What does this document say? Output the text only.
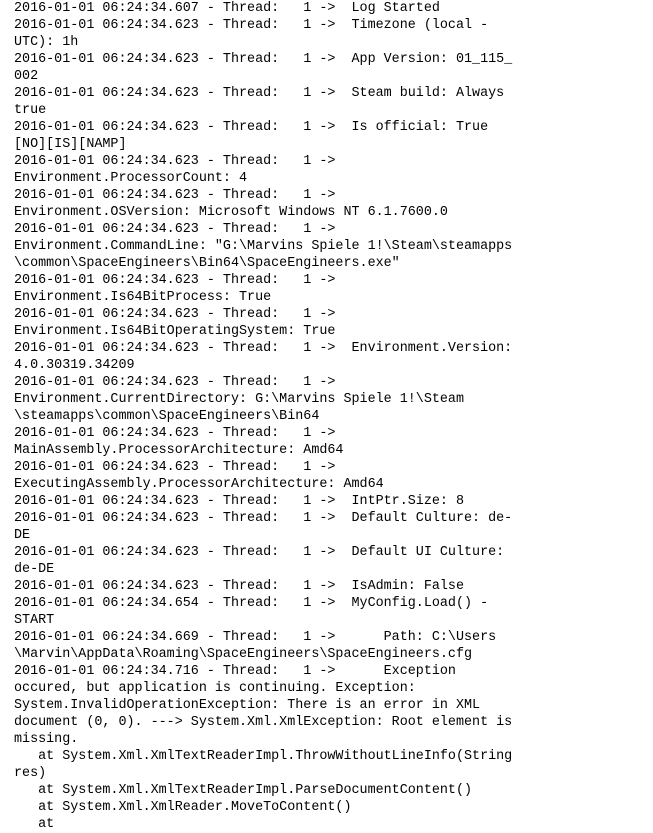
2016-01-01 06:24:34.607 - Thread:   1 ->  Log Started
2016-01-01 06:24:34.623 - Thread:   1 ->  Timezone (local -
UTC): 1h
2016-01-01 06:24:34.623 - Thread:   1 ->  App Version: 01_115_
002
2016-01-01 06:24:34.623 - Thread:   1 ->  Steam build: Always
true
2016-01-01 06:24:34.623 - Thread:   1 ->  Is official: True
[NO][IS][NAMP]
2016-01-01 06:24:34.623 - Thread:   1 ->
Environment.ProcessorCount: 4
2016-01-01 06:24:34.623 - Thread:   1 ->
Environment.OSVersion: Microsoft Windows NT 6.1.7600.0
2016-01-01 06:24:34.623 - Thread:   1 ->
Environment.CommandLine: "G:\Marvins Spiele 1!\Steam\steamapps
\common\SpaceEngineers\Bin64\SpaceEngineers.exe"
2016-01-01 06:24:34.623 - Thread:   1 ->
Environment.Is64BitProcess: True
2016-01-01 06:24:34.623 - Thread:   1 ->
Environment.Is64BitOperatingSystem: True
2016-01-01 06:24:34.623 - Thread:   1 ->  Environment.Version:
4.0.30319.34209
2016-01-01 06:24:34.623 - Thread:   1 ->
Environment.CurrentDirectory: G:\Marvins Spiele 1!\Steam
\steamapps\common\SpaceEngineers\Bin64
2016-01-01 06:24:34.623 - Thread:   1 ->
MainAssembly.ProcessorArchitecture: Amd64
2016-01-01 06:24:34.623 - Thread:   1 ->
ExecutingAssembly.ProcessorArchitecture: Amd64
2016-01-01 06:24:34.623 - Thread:   1 ->  IntPtr.Size: 8
2016-01-01 06:24:34.623 - Thread:   1 ->  Default Culture: de-
DE
2016-01-01 06:24:34.623 - Thread:   1 ->  Default UI Culture:
de-DE
2016-01-01 06:24:34.623 - Thread:   1 ->  IsAdmin: False
2016-01-01 06:24:34.654 - Thread:   1 ->  MyConfig.Load() -
START
2016-01-01 06:24:34.669 - Thread:   1 ->      Path: C:\Users
\Marvin\AppData\Roaming\SpaceEngineers\SpaceEngineers.cfg
2016-01-01 06:24:34.716 - Thread:   1 ->      Exception
occured, but application is continuing. Exception:
System.InvalidOperationException: There is an error in XML
document (0, 0). ---> System.Xml.XmlException: Root element is
missing.
at System.Xml.XmlTextReaderImpl.ThrowWithoutLineInfo(String
res)
at System.Xml.XmlTextReaderImpl.ParseDocumentContent()
at System.Xml.XmlReader.MoveToContent()
at
